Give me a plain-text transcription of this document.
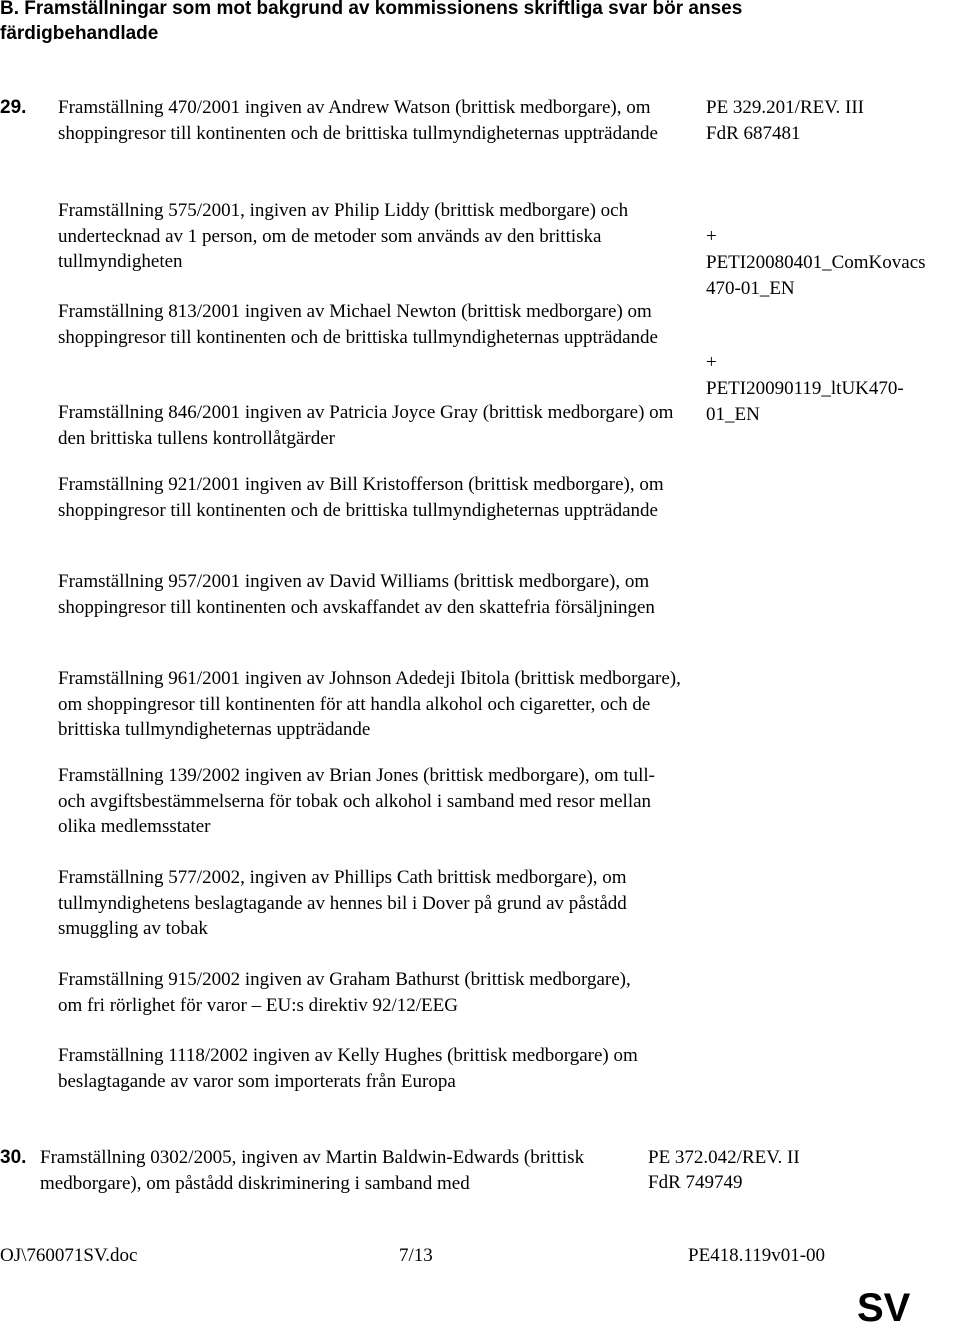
B. Framställningar som mot bakgrund av kommissionens skriftliga svar bör anses färdigbehandlade
29. Framställning 470/2001 ingiven av Andrew Watson (brittisk medborgare), om shoppingresor till kontinenten och de brittiska tullmyndigheternas uppträdande
Framställning 575/2001, ingiven av Philip Liddy (brittisk medborgare) och undertecknad av 1 person, om de metoder som används av den brittiska tullmyndigheten
Framställning 813/2001 ingiven av Michael Newton (brittisk medborgare) om shoppingresor till kontinenten och de brittiska tullmyndigheternas uppträdande
Framställning 846/2001 ingiven av Patricia Joyce Gray (brittisk medborgare) om den brittiska tullens kontrollåtgärder
Framställning 921/2001 ingiven av Bill Kristofferson (brittisk medborgare), om shoppingresor till kontinenten och de brittiska tullmyndigheternas uppträdande
Framställning 957/2001 ingiven av David Williams (brittisk medborgare), om shoppingresor till kontinenten och avskaffandet av den skattefria försäljningen
Framställning 961/2001 ingiven av Johnson Adedeji Ibitola (brittisk medborgare), om shoppingresor till kontinenten för att handla alkohol och cigaretter, och de brittiska tullmyndigheternas uppträdande
Framställning 139/2002 ingiven av Brian Jones (brittisk medborgare), om tull- och avgiftsbestämmelserna för tobak och alkohol i samband med resor mellan olika medlemsstater
Framställning 577/2002, ingiven av Phillips Cath brittisk medborgare), om tullmyndighetens beslagtagande av hennes bil i Dover på grund av påstådd smuggling av tobak
Framställning 915/2002 ingiven av Graham Bathurst (brittisk medborgare), om fri rörlighet för varor – EU:s direktiv 92/12/EEG
Framställning 1118/2002 ingiven av Kelly Hughes (brittisk medborgare) om beslagtagande av varor som importerats från Europa
PE 329.201/REV. III
FdR 687481
+
PETI20080401_ComKovacs 470-01_EN
+
PETI20090119_ltUK470- 01_EN
30. Framställning 0302/2005, ingiven av Martin Baldwin-Edwards (brittisk medborgare), om påstådd diskriminering i samband med
PE 372.042/REV. II
FdR 749749
OJ\760071SV.doc	7/13	PE418.119v01-00
SV
